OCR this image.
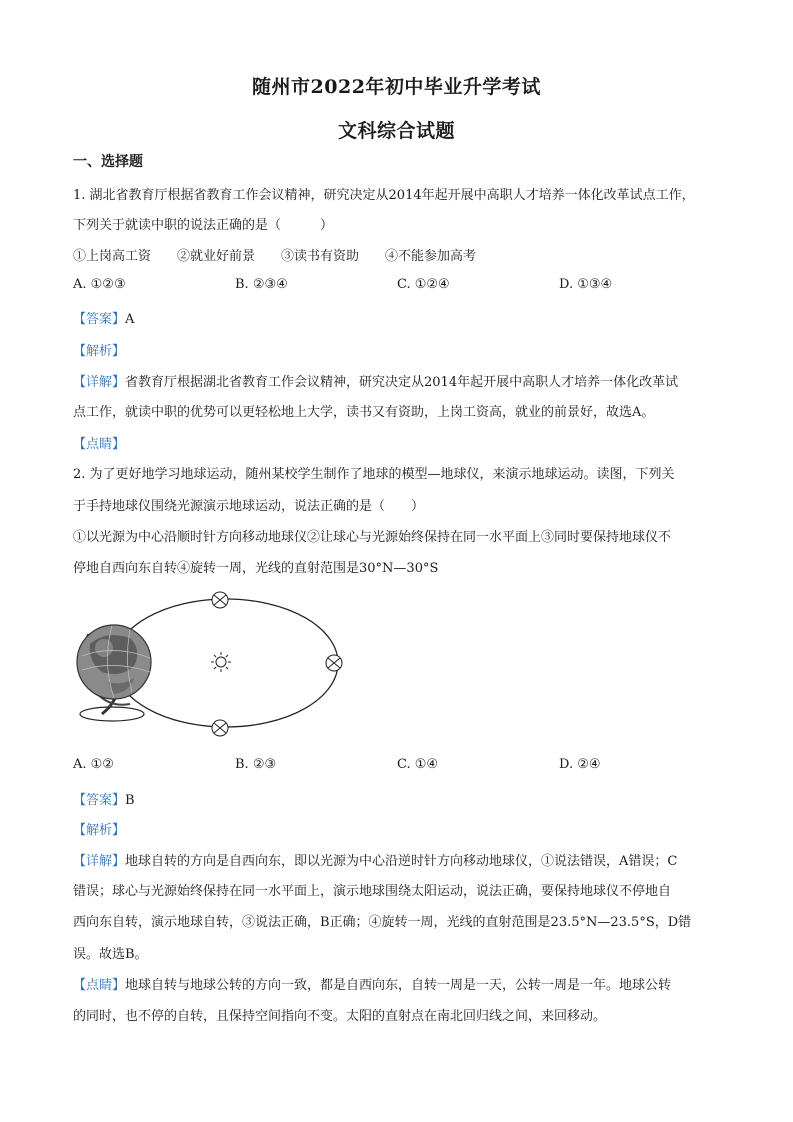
随州市2022年初中毕业升学考试
文科综合试题
一、选择题
1. 湖北省教育厅根据省教育工作会议精神，研究决定从2014年起开展中高职人才培养一体化改革试点工作，
下列关于就读中职的说法正确的是（　　　）
①上岗高工资　　②就业好前景　　③读书有资助　　④不能参加高考
A. ①②③	B. ②③④	C. ①②④	D. ①③④
【答案】A
【解析】
【详解】省教育厅根据湖北省教育工作会议精神，研究决定从2014年起开展中高职人才培养一体化改革试
点工作，就读中职的优势可以更轻松地上大学，读书又有资助，上岗工资高，就业的前景好，故选A。
【点睛】
2. 为了更好地学习地球运动，随州某校学生制作了地球的模型—地球仪，来演示地球运动。读图，下列关
于手持地球仪围绕光源演示地球运动，说法正确的是（　　）
①以光源为中心沿顺时针方向移动地球仪②让球心与光源始终保持在同一水平面上③同时要保持地球仪不
停地自西向东自转④旋转一周，光线的直射范围是30°N—30°S
A. ①②	B. ②③	C. ①④	D. ②④
【答案】B
【解析】
【详解】地球自转的方向是自西向东，即以光源为中心沿逆时针方向移动地球仪，①说法错误，A错误；C
错误；球心与光源始终保持在同一水平面上，演示地球围绕太阳运动，说法正确，要保持地球仪不停地自
西向东自转，演示地球自转，③说法正确，B正确；④旋转一周，光线的直射范围是23.5°N—23.5°S，D错
误。故选B。
【点睛】地球自转与地球公转的方向一致，都是自西向东，自转一周是一天，公转一周是一年。地球公转
的同时，也不停的自转，且保持空间指向不变。太阳的直射点在南北回归线之间，来回移动。
